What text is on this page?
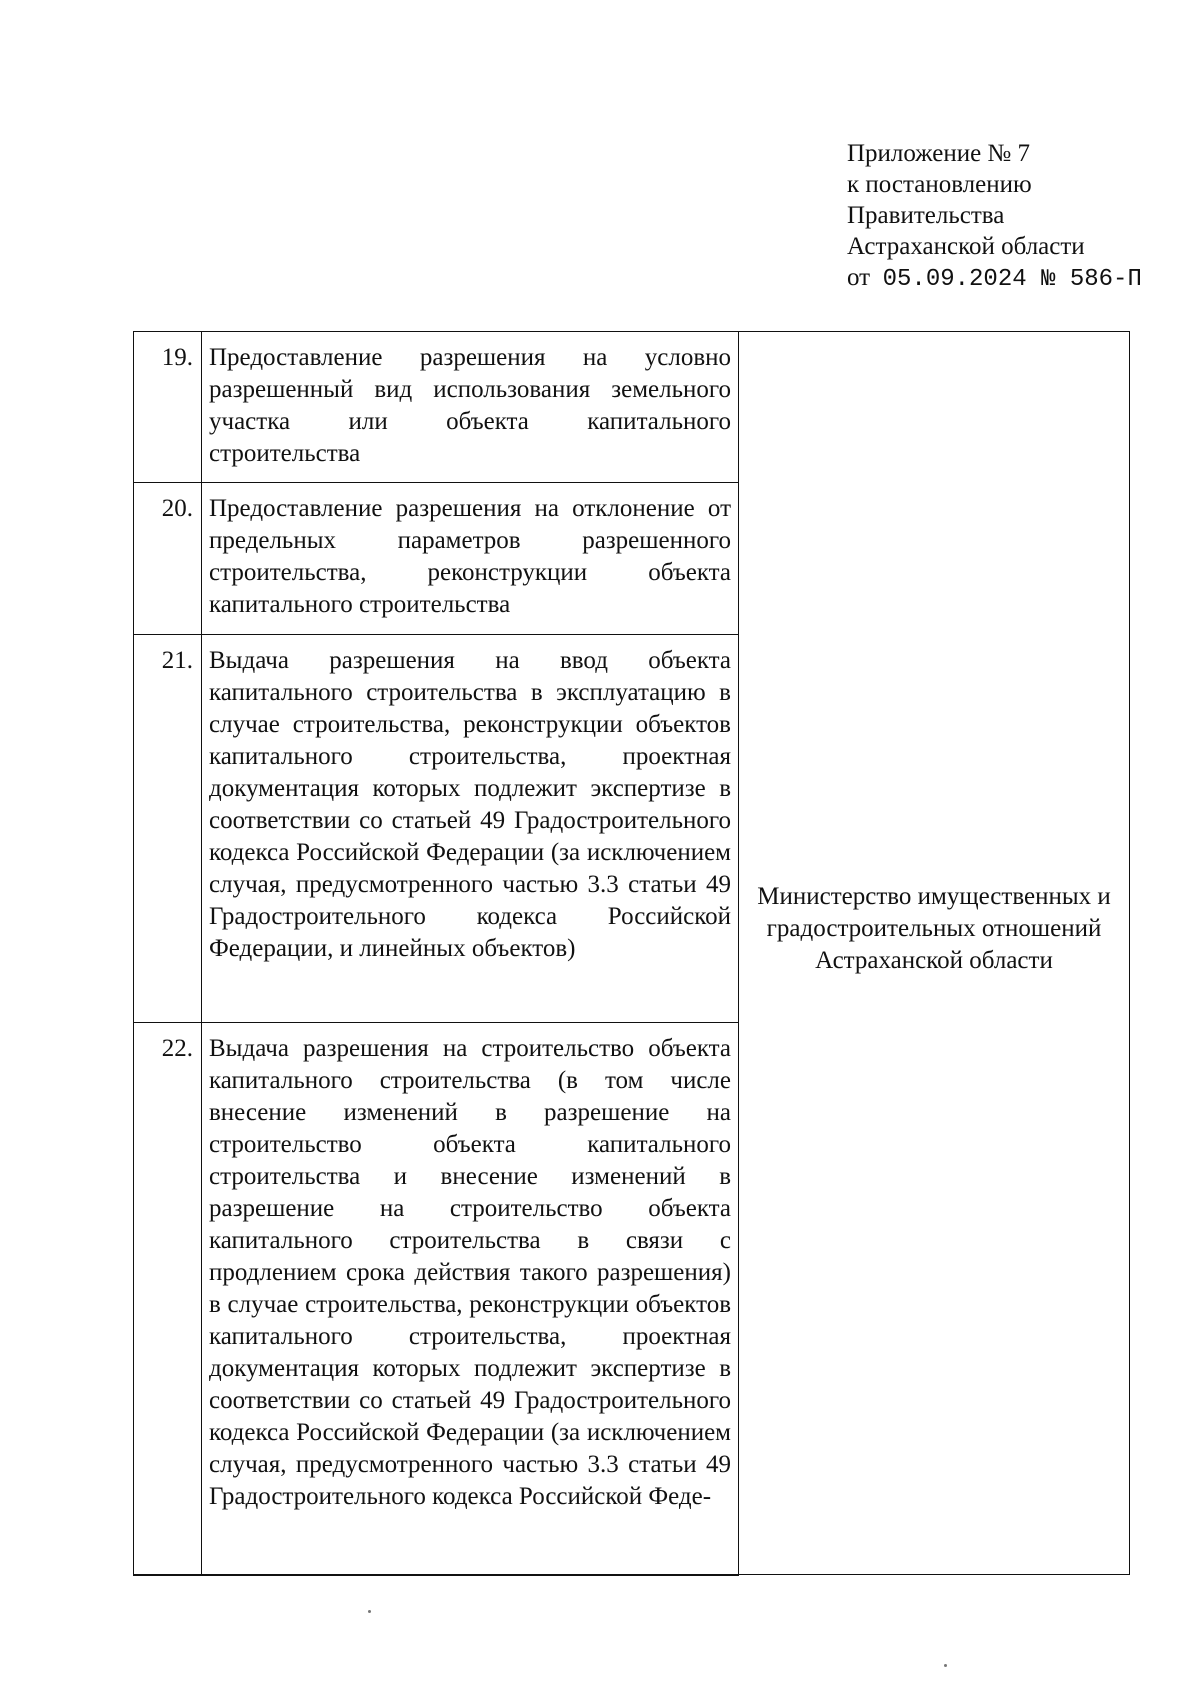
Приложение № 7
к постановлению
Правительства
Астраханской области
от 05.09.2024 № 586-П
19.	Предоставление разрешения на условно разрешенный вид использования земельного участка или объекта капитального строительства	Министерство имущественных и градостроительных отношений Астраханской области

20.	Предоставление разрешения на отклонение от предельных параметров разрешенного строительства, реконструкции объекта капитального строительства	

21.	Выдача разрешения на ввод объекта капитального строительства в эксплуатацию в случае строительства, реконструкции объектов капитального строительства, проектная документация которых подлежит экспертизе в соответствии со статьей 49 Градостроительного кодекса Российской Федерации (за исключением случая, предусмотренного частью 3.3 статьи 49 Градостроительного кодекса Российской Федерации, и линейных объектов)	

22.	Выдача разрешения на строительство объекта капитального строительства (в том числе внесение изменений в разрешение на строительство объекта капитального строительства и внесение изменений в разрешение на строительство объекта капитального строительства в связи с продлением срока действия такого разрешения) в случае строительства, реконструкции объектов капитального строительства, проектная документация которых подлежит экспертизе в соответствии со статьей 49 Градостроительного кодекса Российской Федерации (за исключением случая, предусмотренного частью 3.3 статьи 49 Градостроительного кодекса Российской Феде-	
